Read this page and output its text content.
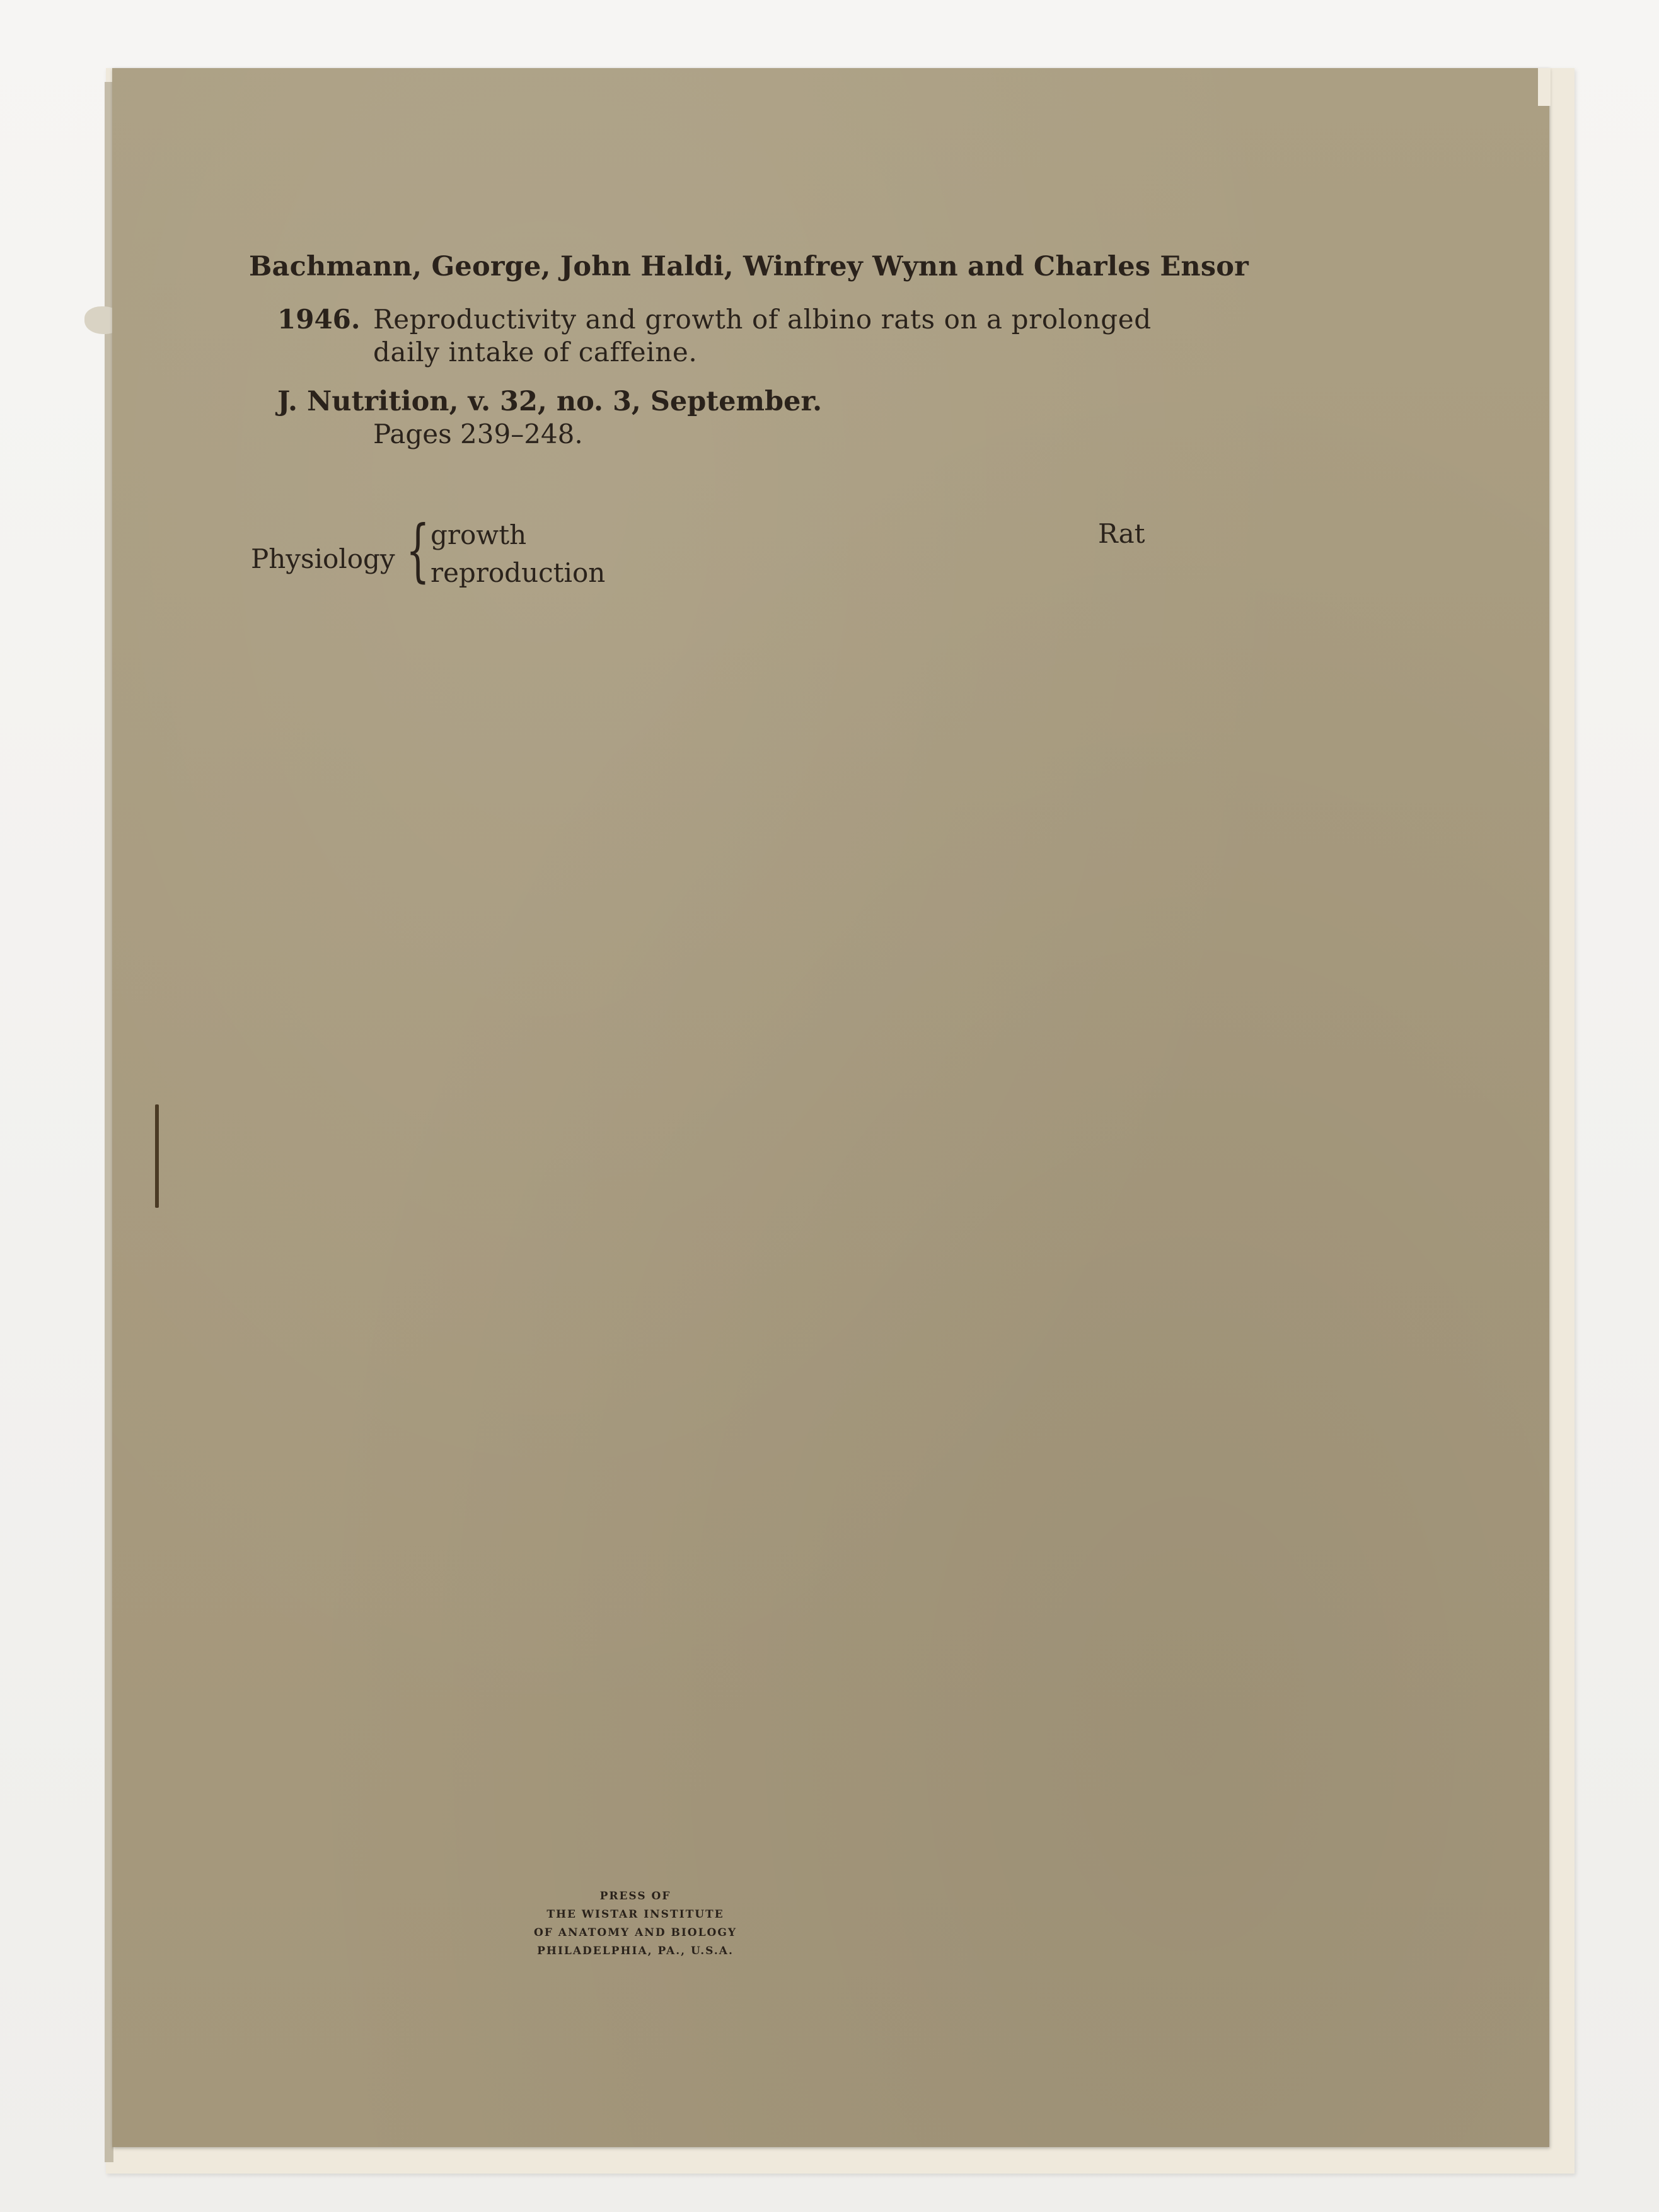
Bachmann, George, John Haldi, Winfrey Wynn and Charles Ensor
1946. Reproductivity and growth of albino rats on a prolonged
daily intake of caffeine.
J. Nutrition, v. 32, no. 3, September.
Pages 239–248.
Physiology { growth
reproduction
Rat
PRESS OF
THE WISTAR INSTITUTE
OF ANATOMY AND BIOLOGY
PHILADELPHIA, PA., U.S.A.
